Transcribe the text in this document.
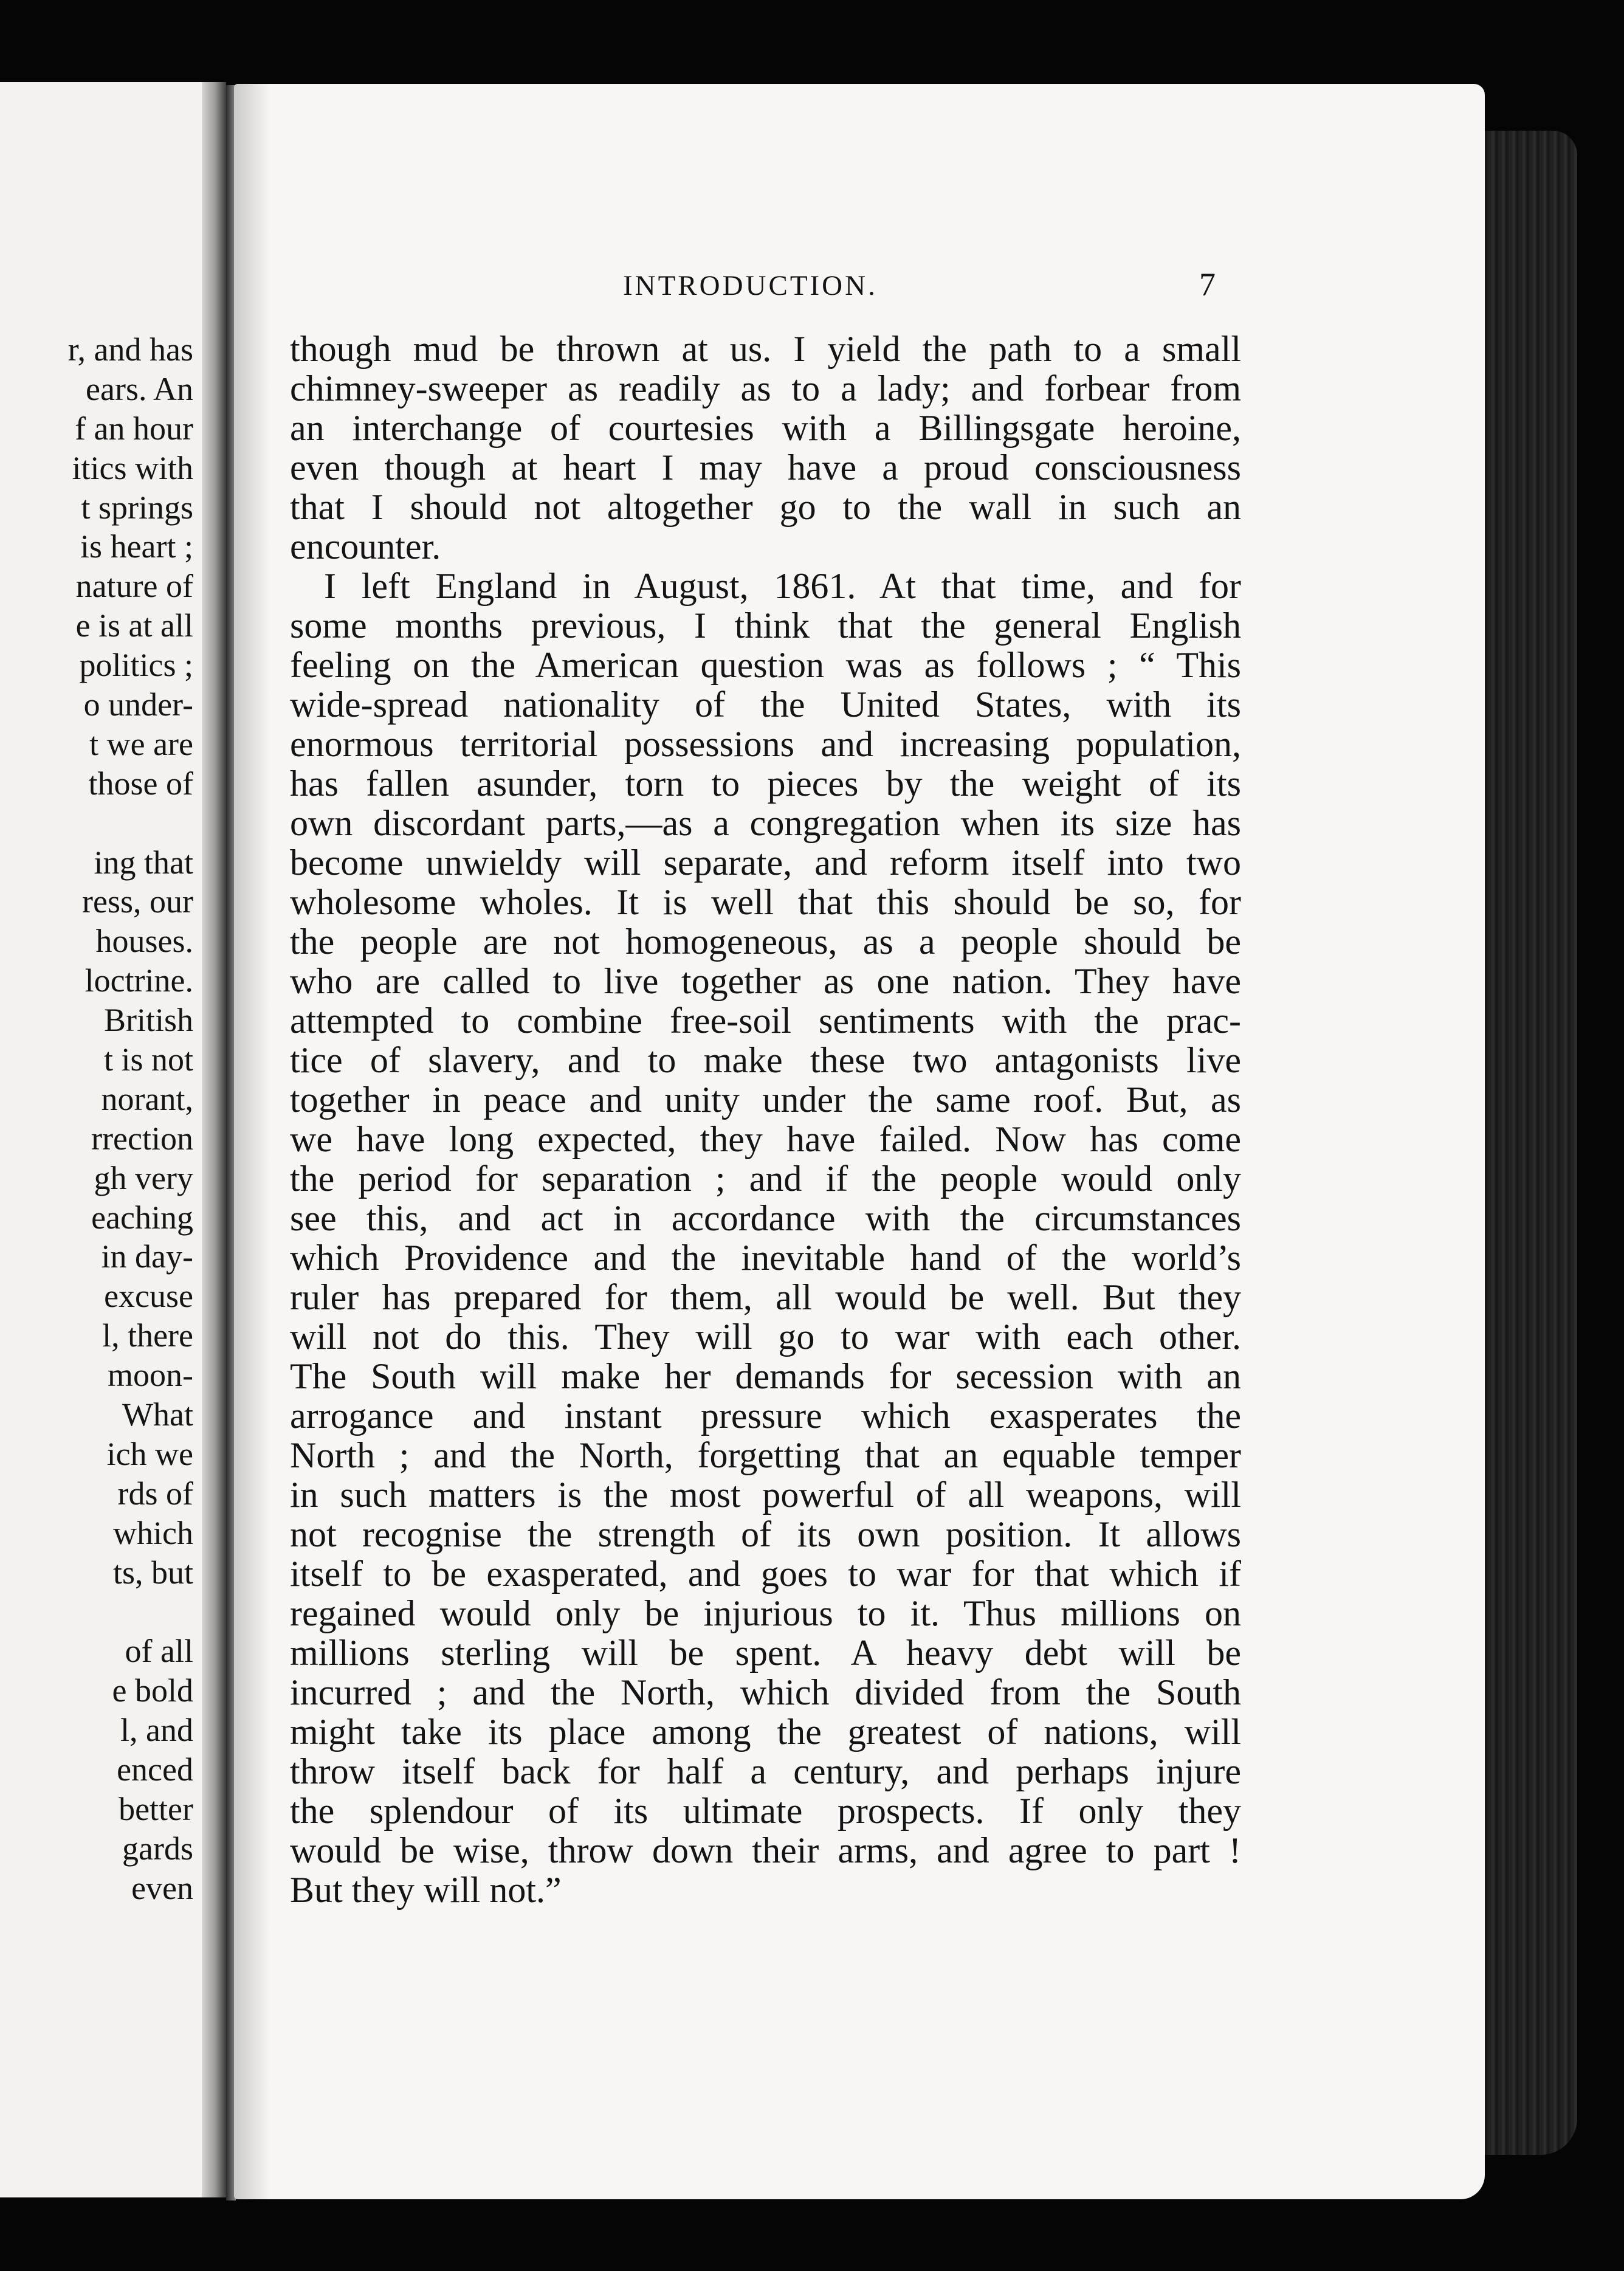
r, and has
ears. An
f an hour
itics with
t springs
is heart ;
nature of
e is at all
politics ;
o under-
t we are
those of
ing that
ress, our
houses.
loctrine.
British
t is not
norant,
rrection
gh very
eaching
in day-
excuse
l, there
moon-
What
ich we
rds of
which
ts, but
of all
e bold
l, and
enced
better
gards
even
INTRODUCTION.	7
though mud be thrown at us. I yield the path to a small
chimney-sweeper as readily as to a lady; and forbear from
an interchange of courtesies with a Billingsgate heroine,
even though at heart I may have a proud consciousness
that I should not altogether go to the wall in such an
encounter.
I left England in August, 1861. At that time, and for
some months previous, I think that the general English
feeling on the American question was as follows ; “ This
wide-spread nationality of the United States, with its
enormous territorial possessions and increasing population,
has fallen asunder, torn to pieces by the weight of its
own discordant parts,—as a congregation when its size has
become unwieldy will separate, and reform itself into two
wholesome wholes. It is well that this should be so, for
the people are not homogeneous, as a people should be
who are called to live together as one nation. They have
attempted to combine free-soil sentiments with the prac-
tice of slavery, and to make these two antagonists live
together in peace and unity under the same roof. But, as
we have long expected, they have failed. Now has come
the period for separation ; and if the people would only
see this, and act in accordance with the circumstances
which Providence and the inevitable hand of the world’s
ruler has prepared for them, all would be well. But they
will not do this. They will go to war with each other.
The South will make her demands for secession with an
arrogance and instant pressure which exasperates the
North ; and the North, forgetting that an equable temper
in such matters is the most powerful of all weapons, will
not recognise the strength of its own position. It allows
itself to be exasperated, and goes to war for that which if
regained would only be injurious to it. Thus millions on
millions sterling will be spent. A heavy debt will be
incurred ; and the North, which divided from the South
might take its place among the greatest of nations, will
throw itself back for half a century, and perhaps injure
the splendour of its ultimate prospects. If only they
would be wise, throw down their arms, and agree to part !
But they will not.”
